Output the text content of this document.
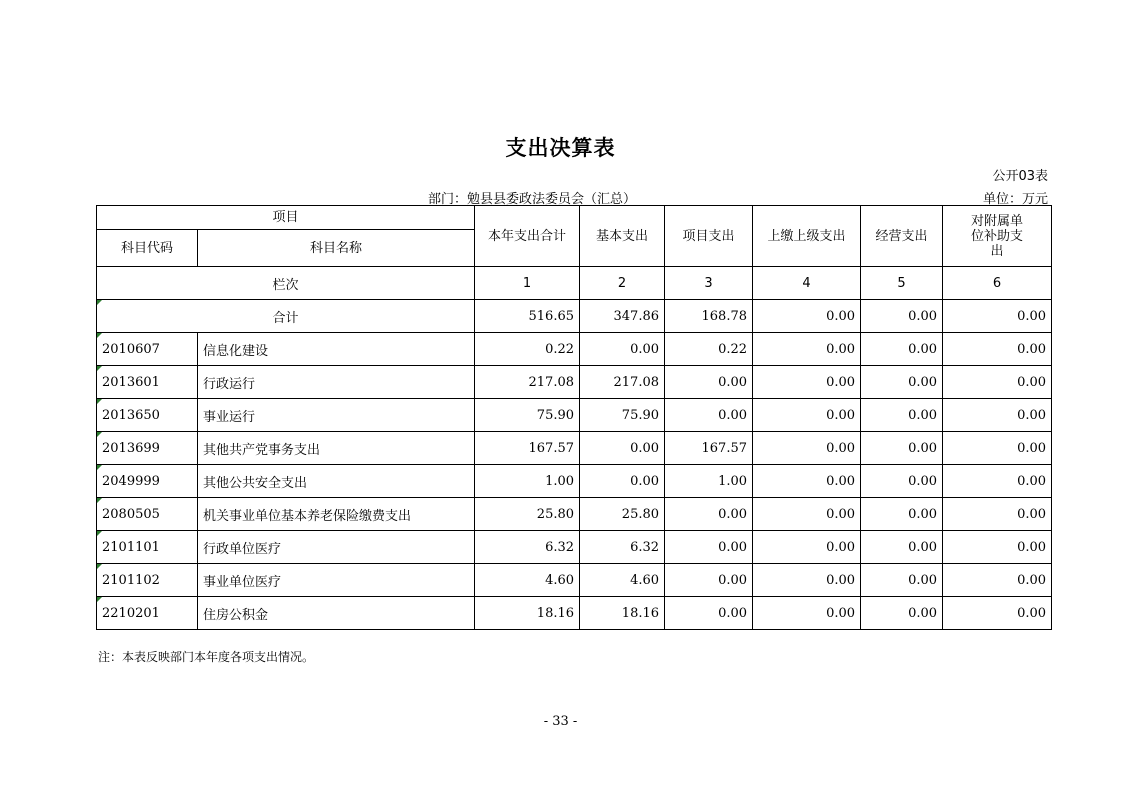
支出决算表
公开03表
部门：勉县县委政法委员会（汇总）	单位：万元
项目		本年支出合计	基本支出	项目支出	上缴上级支出	经营支出	对附属单位补助支出
科目代码	科目名称						
栏次		1	2	3	4	5	6
合计		516.65	347.86	168.78	0.00	0.00	0.00
2010607	信息化建设	0.22	0.00	0.22	0.00	0.00	0.00
2013601	行政运行	217.08	217.08	0.00	0.00	0.00	0.00
2013650	事业运行	75.90	75.90	0.00	0.00	0.00	0.00
2013699	其他共产党事务支出	167.57	0.00	167.57	0.00	0.00	0.00
2049999	其他公共安全支出	1.00	0.00	1.00	0.00	0.00	0.00
2080505	机关事业单位基本养老保险缴费支出	25.80	25.80	0.00	0.00	0.00	0.00
2101101	行政单位医疗	6.32	6.32	0.00	0.00	0.00	0.00
2101102	事业单位医疗	4.60	4.60	0.00	0.00	0.00	0.00
2210201	住房公积金	18.16	18.16	0.00	0.00	0.00	0.00
注：本表反映部门本年度各项支出情况。
- 33 -
